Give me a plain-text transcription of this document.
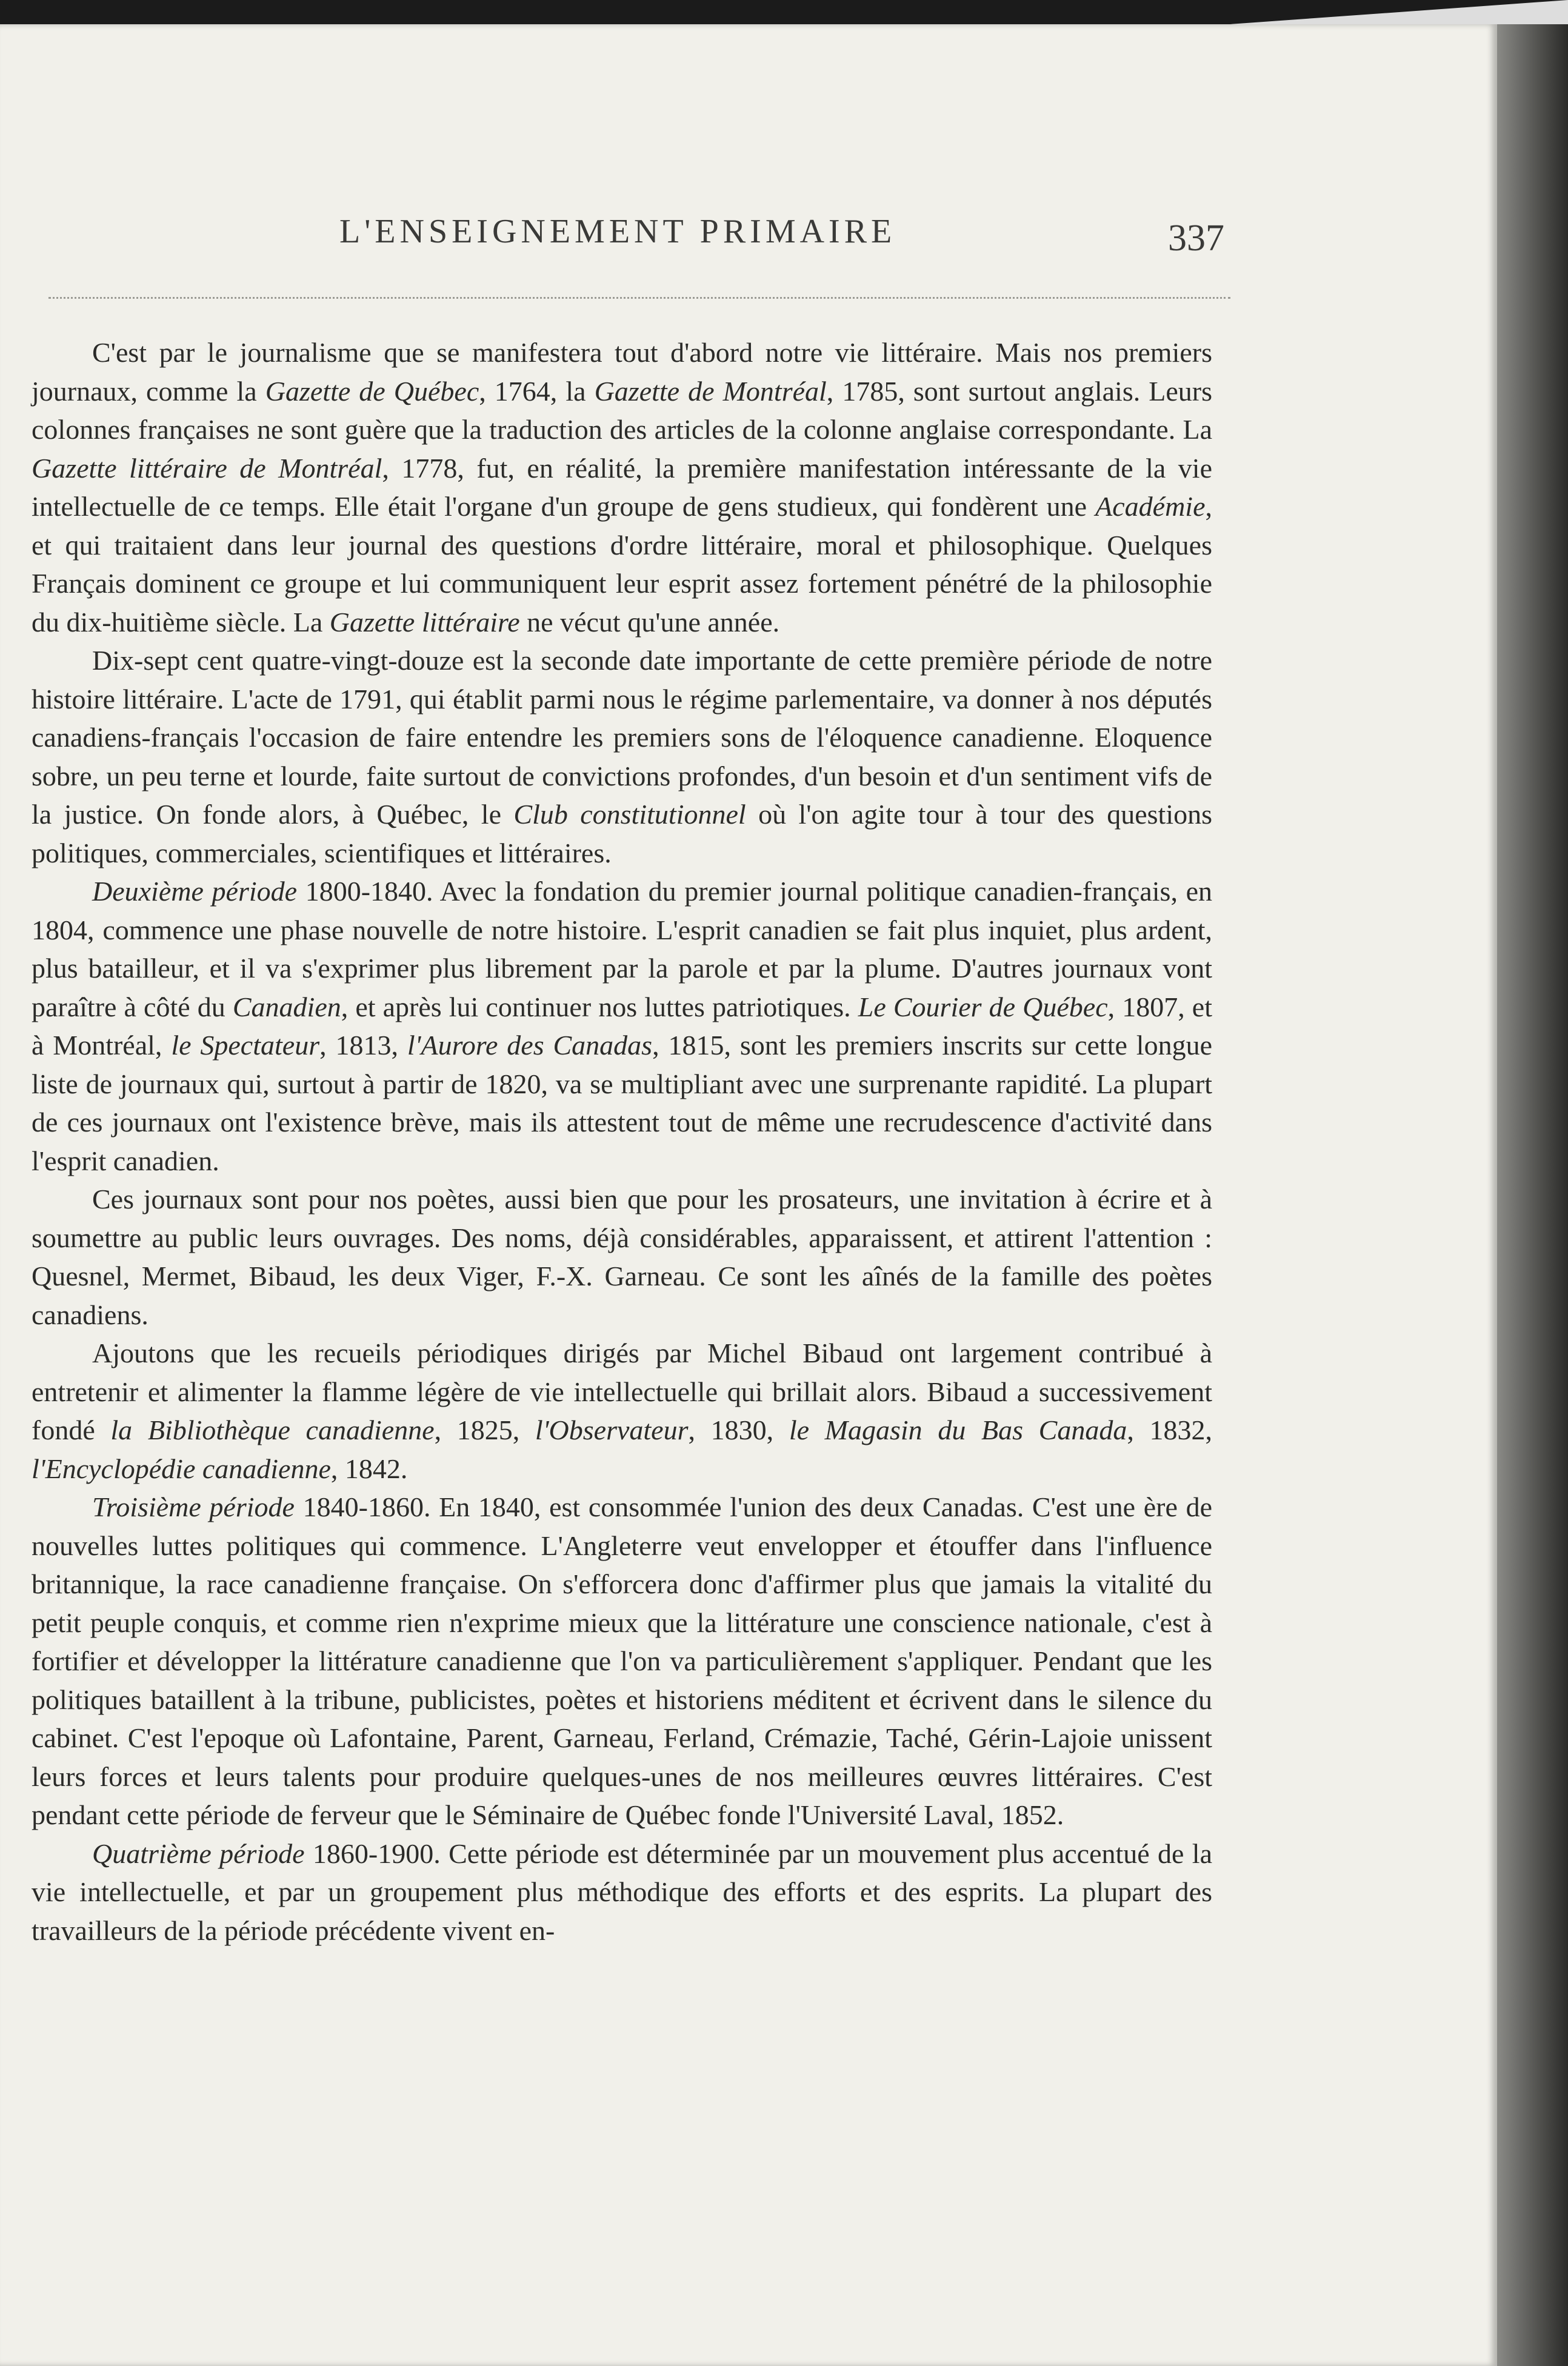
L'ENSEIGNEMENT PRIMAIRE	337

C'est par le journalisme que se manifestera tout d'abord notre vie littéraire. Mais nos premiers journaux, comme la Gazette de Québec, 1764, la Gazette de Montréal, 1785, sont surtout anglais. Leurs colonnes françaises ne sont guère que la traduction des articles de la colonne anglaise correspondante. La Gazette littéraire de Montréal, 1778, fut, en réalité, la première manifestation intéressante de la vie intellectuelle de ce temps. Elle était l'organe d'un groupe de gens studieux, qui fondèrent une Académie, et qui traitaient dans leur journal des questions d'ordre littéraire, moral et philosophique. Quelques Français dominent ce groupe et lui communiquent leur esprit assez fortement pénétré de la philosophie du dix-huitième siècle. La Gazette littéraire ne vécut qu'une année.

Dix-sept cent quatre-vingt-douze est la seconde date importante de cette première période de notre histoire littéraire. L'acte de 1791, qui établit parmi nous le régime parlementaire, va donner à nos députés canadiens-français l'occasion de faire entendre les premiers sons de l'éloquence canadienne. Eloquence sobre, un peu terne et lourde, faite surtout de convictions profondes, d'un besoin et d'un sentiment vifs de la justice. On fonde alors, à Québec, le Club constitutionnel où l'on agite tour à tour des questions politiques, commerciales, scientifiques et littéraires.

Deuxième période 1800-1840. Avec la fondation du premier journal politique canadien-français, en 1804, commence une phase nouvelle de notre histoire. L'esprit canadien se fait plus inquiet, plus ardent, plus batailleur, et il va s'exprimer plus librement par la parole et par la plume. D'autres journaux vont paraître à côté du Canadien, et après lui continuer nos luttes patriotiques. Le Courier de Québec, 1807, et à Montréal, le Spectateur, 1813, l'Aurore des Canadas, 1815, sont les premiers inscrits sur cette longue liste de journaux qui, surtout à partir de 1820, va se multipliant avec une surprenante rapidité. La plupart de ces journaux ont l'existence brève, mais ils attestent tout de même une recrudescence d'activité dans l'esprit canadien.

Ces journaux sont pour nos poètes, aussi bien que pour les prosateurs, une invitation à écrire et à soumettre au public leurs ouvrages. Des noms, déjà considérables, apparaissent, et attirent l'attention : Quesnel, Mermet, Bibaud, les deux Viger, F.-X. Garneau. Ce sont les aînés de la famille des poètes canadiens.

Ajoutons que les recueils périodiques dirigés par Michel Bibaud ont largement contribué à entretenir et alimenter la flamme légère de vie intellectuelle qui brillait alors. Bibaud a successivement fondé la Bibliothèque canadienne, 1825, l'Observateur, 1830, le Magasin du Bas Canada, 1832, l'Encyclopédie canadienne, 1842.

Troisième période 1840-1860. En 1840, est consommée l'union des deux Canadas. C'est une ère de nouvelles luttes politiques qui commence. L'Angleterre veut envelopper et étouffer dans l'influence britannique, la race canadienne française. On s'efforcera donc d'affirmer plus que jamais la vitalité du petit peuple conquis, et comme rien n'exprime mieux que la littérature une conscience nationale, c'est à fortifier et développer la littérature canadienne que l'on va particulièrement s'appliquer. Pendant que les politiques bataillent à la tribune, publicistes, poètes et historiens méditent et écrivent dans le silence du cabinet. C'est l'epoque où Lafontaine, Parent, Garneau, Ferland, Crémazie, Taché, Gérin-Lajoie unissent leurs forces et leurs talents pour produire quelques-unes de nos meilleures œuvres littéraires. C'est pendant cette période de ferveur que le Séminaire de Québec fonde l'Université Laval, 1852.

Quatrième période 1860-1900. Cette période est déterminée par un mouvement plus accentué de la vie intellectuelle, et par un groupement plus méthodique des efforts et des esprits. La plupart des travailleurs de la période précédente vivent en-
